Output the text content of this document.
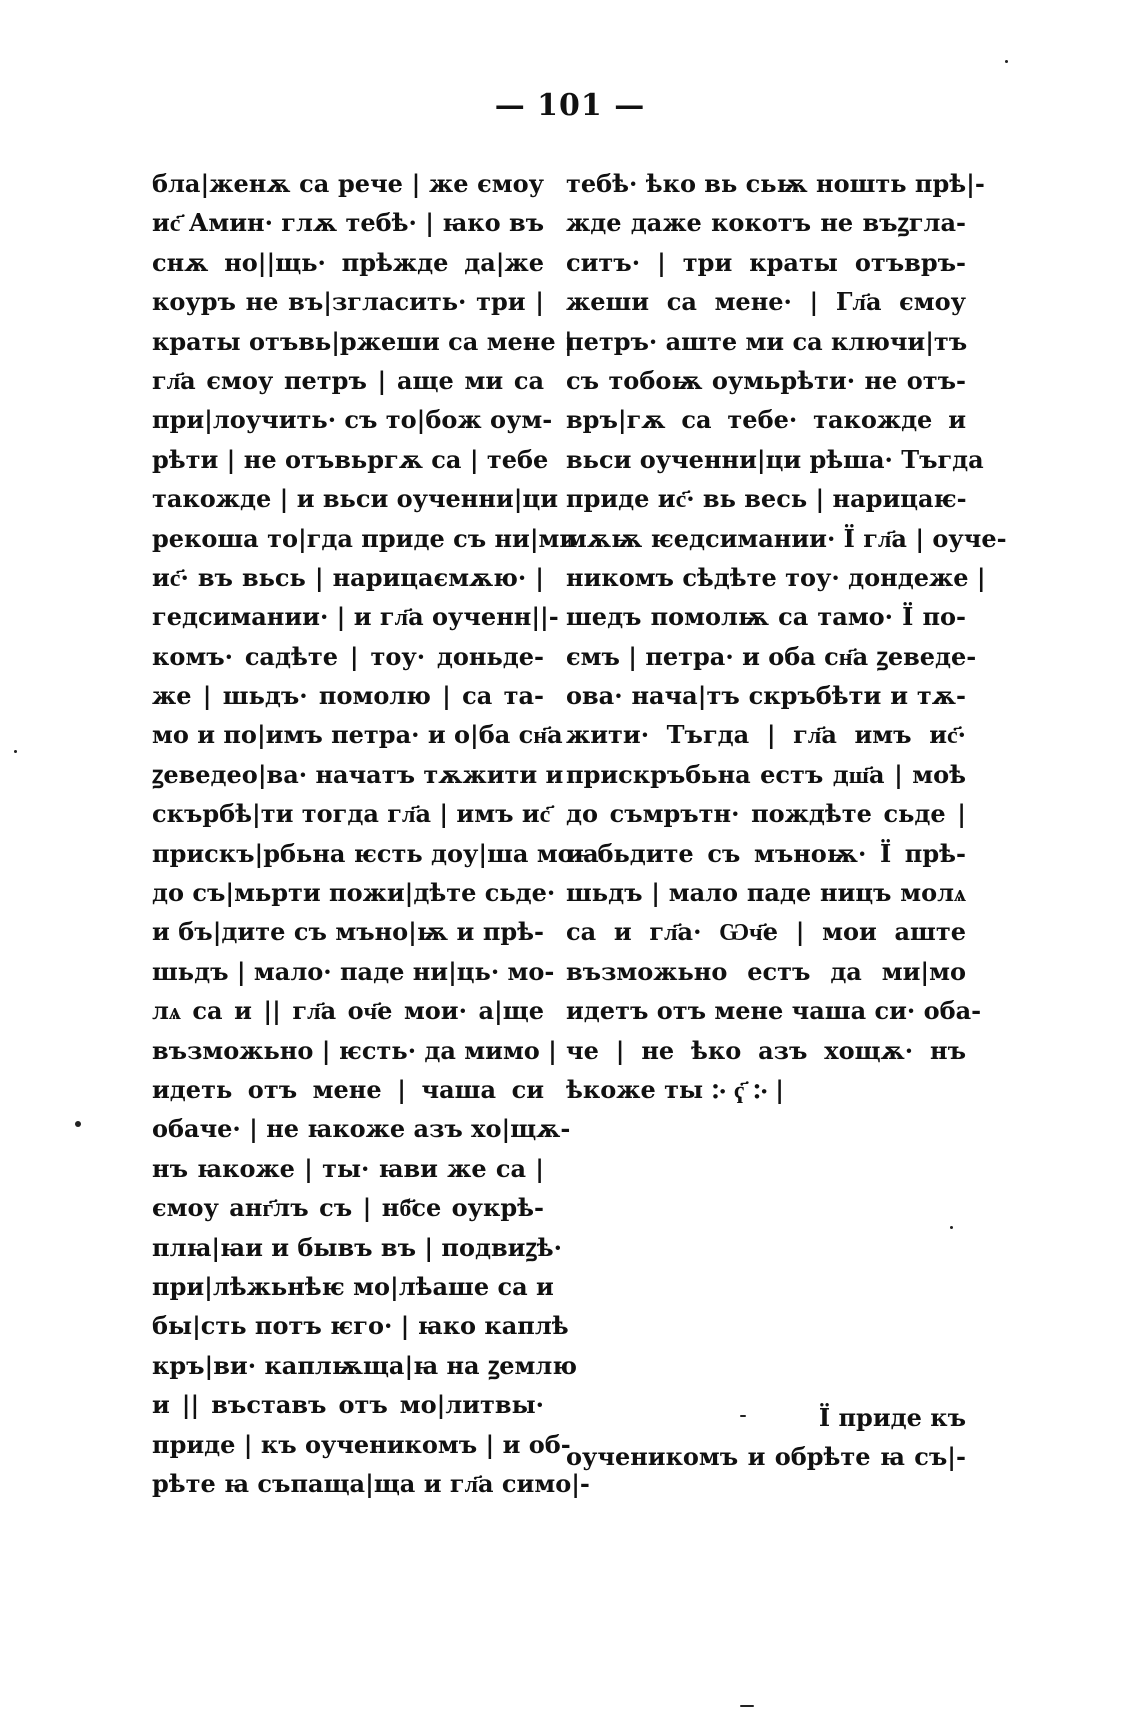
— 101 —
бла|женѫ са рече | же ємоу
ис҃ Амин· глѫ тебѣ· | ꙗко въ
снѫ но||щь· прѣжде да|же
коуръ не въ|згласить· три |
краты отъвь|ржеши са мене |
гл҃а ємоу петръ | аще ми са
при|лоучить· съ то|бож оум-
рѣти | не отъвьргѫ са | тебе
такожде | и вьси оученни|ци
рекоша то|гда приде съ ни|ми
ис҃· въ вьсь | нарицаємѫю· |
гедсимании· | и гл҃а оученн||-
комъ· садѣте | тоу· доньде-
же | шьдъ· помолю | са та-
мо и по|имъ петра· и о|ба сн҃а
ꙁеведео|ва· начатъ тѫжити и
скърбѣ|ти тогда гл҃а | имъ ис҃
прискъ|рбьна ѥсть доу|ша моꙗ
до съ|мьрти пожи|дѣте сьде·
и бъ|дите съ мъно|ѭ и прѣ-
шьдъ | мало· паде ни|ць· мо-
лѧ са и || гл҃а оч҃е мои· а|ще
възможьно | ѥсть· да мимо |
идеть отъ мене | чаша си
обаче· | не ꙗкоже азъ хо|щѫ-
нъ ꙗкоже | ты· ꙗви же са |
ємоу анг҃лъ съ | нб҃се оукрѣ-
плꙗ|ꙗи и бывъ въ | подвиꙁѣ·
при|лѣжьнѣѥ мо|лѣаше са и
бы|сть потъ ѥго· | ꙗко каплѣ
кръ|ви· каплѭща|ꙗ на ꙁемлю
и || въставъ отъ мо|литвы·
приде | къ оученикомъ | и об-
рѣте ꙗ съпаща|ща и гл҃а симо|-
тебѣ· ѣко вь сьѭ ношть прѣ|-
жде даже кокотъ не въꙁгла-
ситъ· | три краты отъвръ-
жеши са мене· | Гл҃а ємоу
петръ· аште ми са ключи|тъ
съ тобоѭ оумьрѣти· не отъ-
връ|гѫ са тебе· такожде и
вьси оученни|ци рѣша· Тъгда
приде ис҃· вь весь | нарицаѥ-
мѫѭ ѥедсимании· Ї гл҃а | оуче-
никомъ сѣдѣте тоу· дондеже |
шедъ помолѭ са тамо· Ї по-
ємъ | петра· и оба сн҃а ꙁеведе-
ова· нача|тъ скръбѣти и тѫ-
жити· Тъгда | гл҃а имъ ис҃·
прискръбьна естъ дш҃а | моѣ
до съмрътн· пождѣте сьде |
и бьдите съ мъноѭ· Ї прѣ-
шьдъ | мало паде ницъ молѧ
са и гл҃а· Ѡч҃е | мои аште
възможьно естъ да ми|мо
идетъ отъ мене чаша си· оба-
че | не ѣко азъ хощѫ· нъ
ѣкоже ты ჻ ҁ҃ ჻ |
Ї приде къ
оученикомъ и обрѣте ꙗ съ|-
